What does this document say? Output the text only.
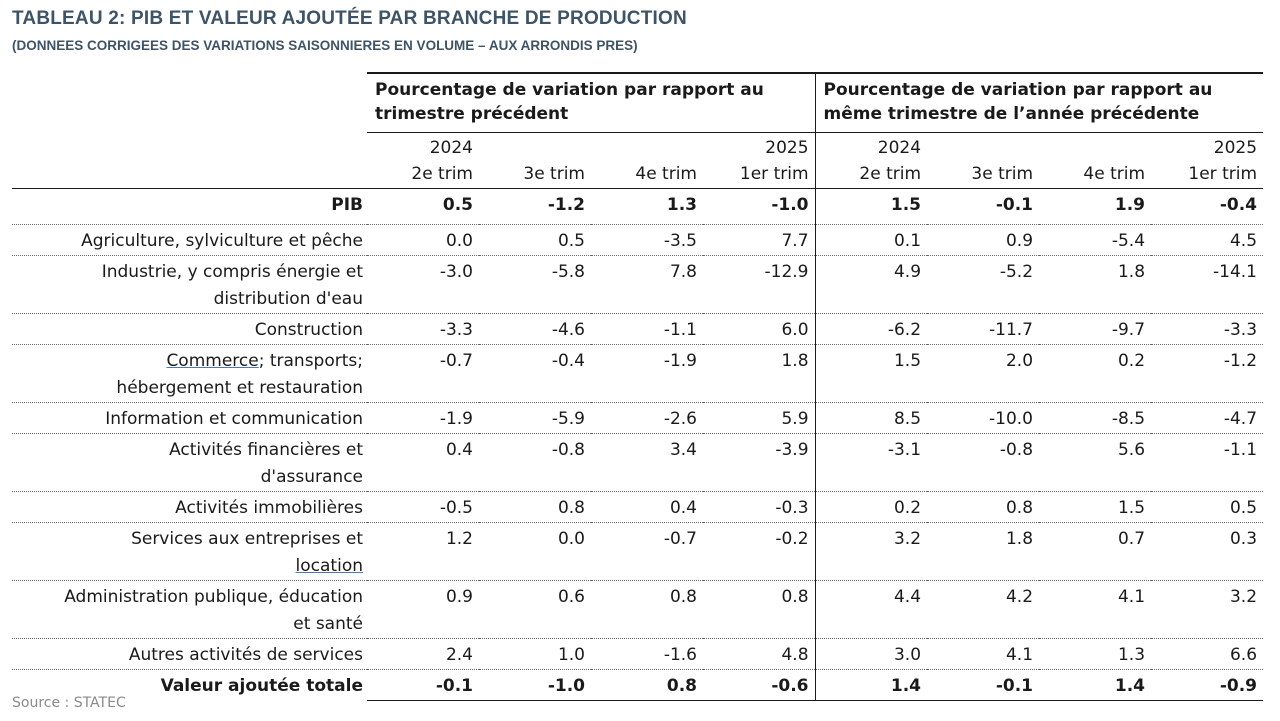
TABLEAU 2: PIB ET VALEUR AJOUTÉE PAR BRANCHE DE PRODUCTION
(DONNEES CORRIGEES DES VARIATIONS SAISONNIERES EN VOLUME – AUX ARRONDIS PRES)
	Pourcentage de variation par rapport au trimestre précédent				Pourcentage de variation par rapport au même trimestre de l’année précédente			
	2024			2025	2024			2025
	2e trim	3e trim	4e trim	1er trim	2e trim	3e trim	4e trim	1er trim

PIB	0.5	-1.2	1.3	-1.0	1.5	-0.1	1.9	-0.4

Agriculture, sylviculture et pêche	0.0	0.5	-3.5	7.7	0.1	0.9	-5.4	4.5

Industrie, y compris énergie et
distribution d'eau	-3.0	-5.8	7.8	-12.9	4.9	-5.2	1.8	-14.1

Construction	-3.3	-4.6	-1.1	6.0	-6.2	-11.7	-9.7	-3.3

Commerce; transports;
hébergement et restauration	-0.7	-0.4	-1.9	1.8	1.5	2.0	0.2	-1.2

Information et communication	-1.9	-5.9	-2.6	5.9	8.5	-10.0	-8.5	-4.7

Activités financières et
d'assurance	0.4	-0.8	3.4	-3.9	-3.1	-0.8	5.6	-1.1

Activités immobilières	-0.5	0.8	0.4	-0.3	0.2	0.8	1.5	0.5

Services aux entreprises et
location	1.2	0.0	-0.7	-0.2	3.2	1.8	0.7	0.3

Administration publique, éducation
et santé	0.9	0.6	0.8	0.8	4.4	4.2	4.1	3.2

Autres activités de services	2.4	1.0	-1.6	4.8	3.0	4.1	1.3	6.6

Valeur ajoutée totale	-0.1	-1.0	0.8	-0.6	1.4	-0.1	1.4	-0.9
Source : STATEC
